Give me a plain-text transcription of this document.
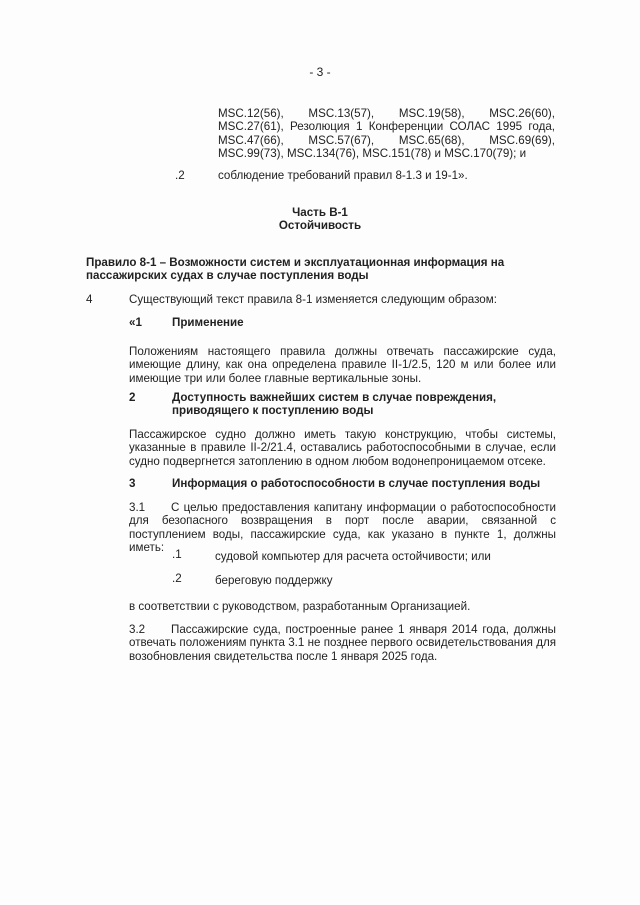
- 3 -
MSC.12(56), MSC.13(57), MSC.19(58), MSC.26(60), MSC.27(61), Резолюция 1 Конференции СОЛАС 1995 года, MSC.47(66), MSC.57(67), MSC.65(68), MSC.69(69), MSC.99(73), MSC.134(76), MSC.151(78) и MSC.170(79); и
.2	соблюдение требований правил 8-1.3 и 19-1».
Часть В-1
Остойчивость
Правило 8-1 – Возможности систем и эксплуатационная информация на пассажирских судах в случае поступления воды
4	Существующий текст правила 8-1 изменяется следующим образом:
«1	Применение
Положениям настоящего правила должны отвечать пассажирские суда, имеющие длину, как она определена правиле II-1/2.5, 120 м или более или имеющие три или более главные вертикальные зоны.
2	Доступность важнейших систем в случае повреждения, приводящего к поступлению воды
Пассажирское судно должно иметь такую конструкцию, чтобы системы, указанные в правиле II-2/21.4, оставались работоспособными в случае, если судно подвергнется затоплению в одном любом водонепроницаемом отсеке.
3	Информация о работоспособности в случае поступления воды
3.1	С целью предоставления капитану информации о работоспособности для безопасного возвращения в порт после аварии, связанной с поступлением воды, пассажирские суда, как указано в пункте 1, должны иметь:
.1	судовой компьютер для расчета остойчивости; или
.2	береговую поддержку
в соответствии с руководством, разработанным Организацией.
3.2	Пассажирские суда, построенные ранее 1 января 2014 года, должны отвечать положениям пункта 3.1 не позднее первого освидетельствования для возобновления свидетельства после 1 января 2025 года.
